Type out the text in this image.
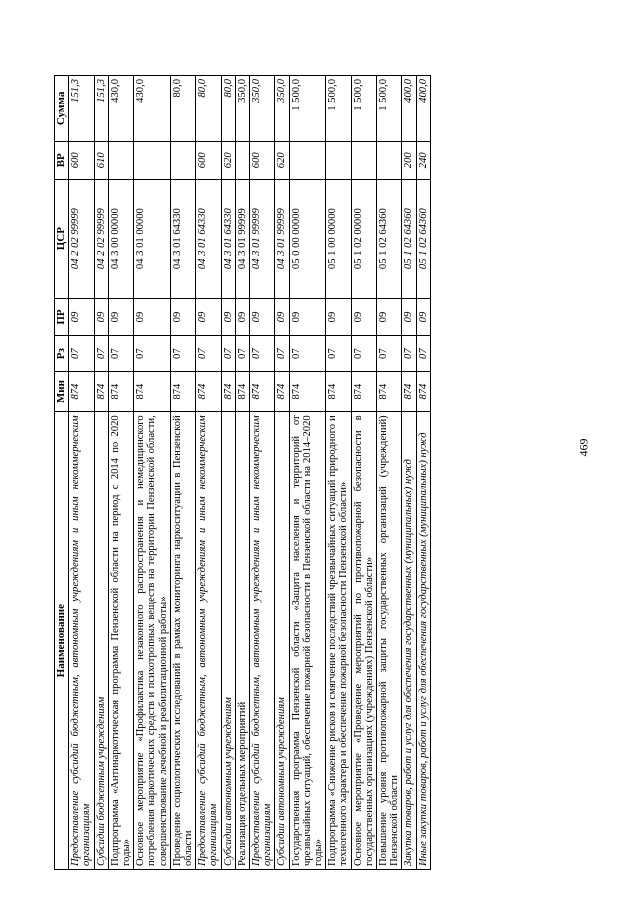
469
Наименование	Мин	Рз	ПР	ЦСР	ВР	Сумма
Предоставление субсидий бюджетным, автономным учреждениям и иным некоммерческим организациям	874	07	09	04 2 02 99999	600	151,3
Субсидии бюджетным учреждениям	874	07	09	04 2 02 99999	610	151,3
Подпрограмма «Антинаркотическая программа Пензенской области на период с 2014 по 2020 годы»	874	07	09	04 3 00 00000		430,0
Основное мероприятие «Профилактика незаконного распространения и немедицинского потребления наркотических средств и психотропных веществ на территории Пензенской области, совершенствование лечебной и реабилитационной работы»	874	07	09	04 3 01 00000		430,0
Проведение социологических исследований в рамках мониторинга наркоситуации в Пензенской области	874	07	09	04 3 01 64330		80,0
Предоставление субсидий бюджетным, автономным учреждениям и иным некоммерческим организациям	874	07	09	04 3 01 64330	600	80,0
Субсидии автономным учреждениям	874	07	09	04 3 01 64330	620	80,0
Реализация отдельных мероприятий	874	07	09	04 3 01 99999		350,0
Предоставление субсидий бюджетным, автономным учреждениям и иным некоммерческим организациям	874	07	09	04 3 01 99999	600	350,0
Субсидии автономным учреждениям	874	07	09	04 3 01 99999	620	350,0
Государственная программа Пензенской области «Защита населения и территорий от чрезвычайных ситуаций, обеспечение пожарной безопасности в Пензенской области на 2014–2020 годы»	874	07	09	05 0 00 00000		1 500,0
Подпрограмма «Снижение рисков и смягчение последствий чрезвычайных ситуаций природного и техногенного характера и обеспечение пожарной безопасности Пензенской области»	874	07	09	05 1 00 00000		1 500,0
Основное мероприятие «Проведение мероприятий по противопожарной безопасности в государственных организациях (учреждениях) Пензенской области»	874	07	09	05 1 02 00000		1 500,0
Повышение уровня противопожарной защиты государственных организаций (учреждений) Пензенской области	874	07	09	05 1 02 64360		1 500,0
Закупка товаров, работ и услуг для обеспечения государственных (муниципальных) нужд	874	07	09	05 1 02 64360	200	400,0
Иные закупки товаров, работ и услуг для обеспечения государственных (муниципальных) нужд	874	07	09	05 1 02 64360	240	400,0
